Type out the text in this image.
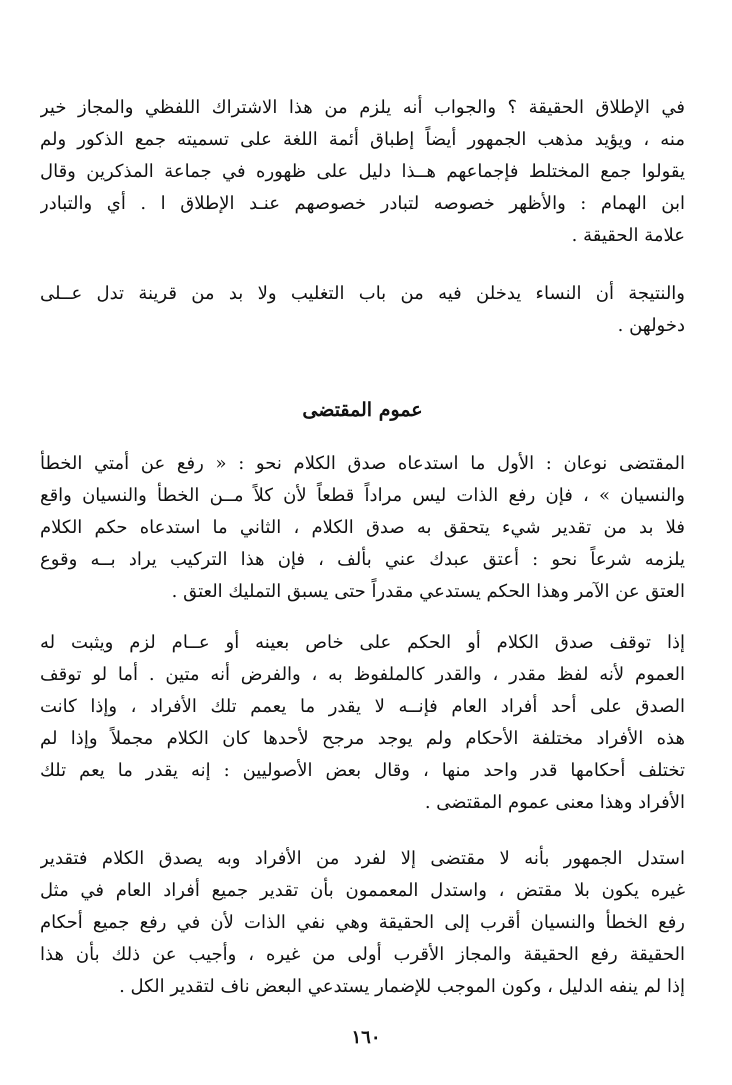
في الإطلاق الحقيقة ؟ والجواب أنه يلزم من هذا الاشتراك اللفظي والمجاز خير
منه ، ويؤيد مذهب الجمهور أيضاً إطباق أئمة اللغة على تسميته جمع الذكور ولم
يقولوا جمع المختلط فإجماعهم هــذا دليل على ظهوره في جماعة المذكرين وقال
ابن الهمام : والأظهر خصوصه لتبادر خصوصهم عنـد الإطلاق ا . أي والتبادر
علامة الحقيقة .
والنتيجة أن النساء يدخلن فيه من باب التغليب ولا بد من قرينة تدل عــلى
دخولهن .
عموم المقتضى
المقتضى نوعان : الأول ما استدعاه صدق الكلام نحو : « رفع عن أمتي الخطأ
والنسيان » ، فإن رفع الذات ليس مراداً قطعاً لأن كلاً مــن الخطأ والنسيان واقع
فلا بد من تقدير شيء يتحقق به صدق الكلام ، الثاني ما استدعاه حكم الكلام
يلزمه شرعاً نحو : أعتق عبدك عني بألف ، فإن هذا التركيب يراد بــه وقوع
العتق عن الآمر وهذا الحكم يستدعي مقدراً حتى يسبق التمليك العتق .
إذا توقف صدق الكلام أو الحكم على خاص بعينه أو عــام لزم ويثبت له
العموم لأنه لفظ مقدر ، والقدر كالملفوظ به ، والفرض أنه متين . أما لو توقف
الصدق على أحد أفراد العام فإنــه لا يقدر ما يعمم تلك الأفراد ، وإذا كانت
هذه الأفراد مختلفة الأحكام ولم يوجد مرجح لأحدها كان الكلام مجملاً وإذا لم
تختلف أحكامها قدر واحد منها ، وقال بعض الأصوليين : إنه يقدر ما يعم تلك
الأفراد وهذا معنى عموم المقتضى .
استدل الجمهور بأنه لا مقتضى إلا لفرد من الأفراد وبه يصدق الكلام فتقدير
غيره يكون بلا مقتض ، واستدل المعممون بأن تقدير جميع أفراد العام في مثل
رفع الخطأ والنسيان أقرب إلى الحقيقة وهي نفي الذات لأن في رفع جميع أحكام
الحقيقة رفع الحقيقة والمجاز الأقرب أولى من غيره ، وأجيب عن ذلك بأن هذا
إذا لم ينفه الدليل ، وكون الموجب للإضمار يستدعي البعض ناف لتقدير الكل .
١٦٠
